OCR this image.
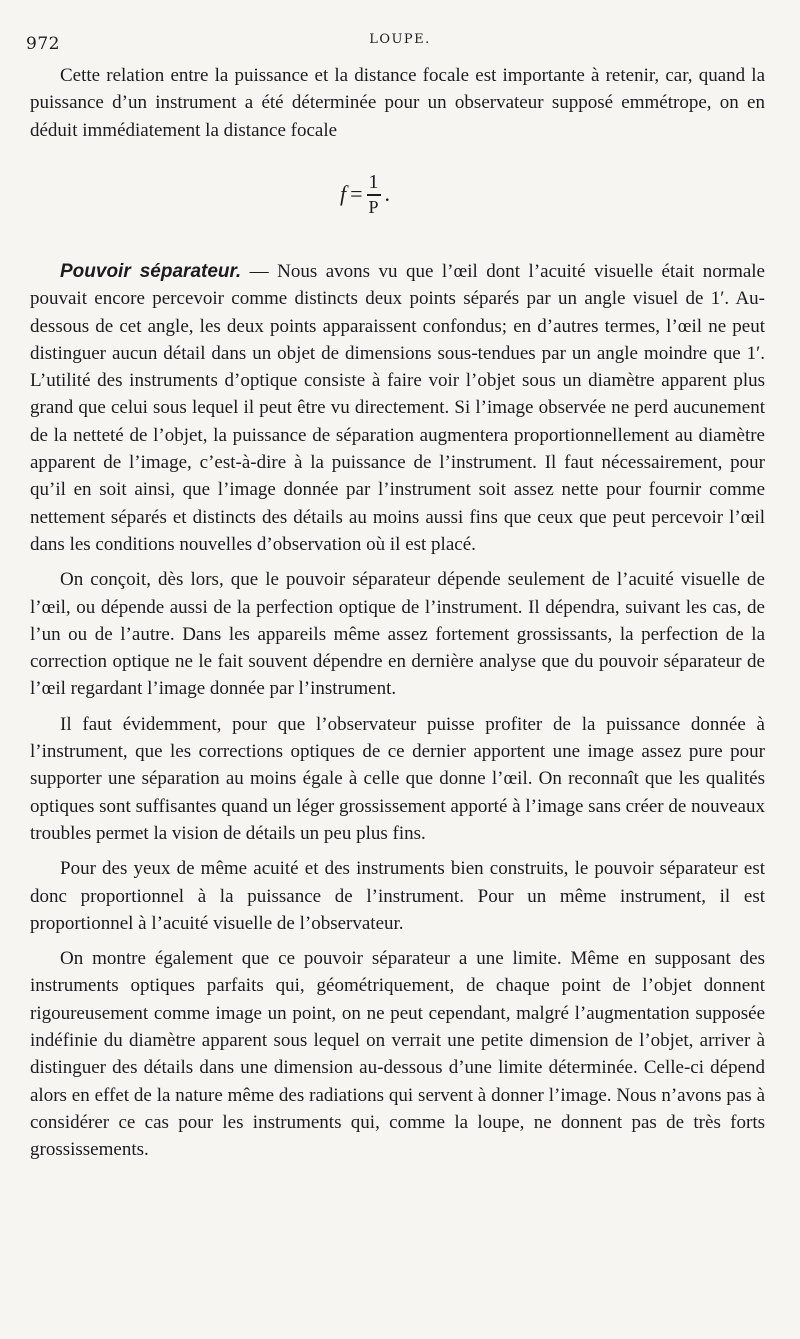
972	LOUPE.

Cette relation entre la puissance et la distance focale est importante à retenir, car, quand la puissance d’un instrument a été déterminée pour un observateur supposé emmétrope, on en déduit immédiatement la distance focale

$f = \frac{1}{P}$ .

Pouvoir séparateur. — Nous avons vu que l’œil dont l’acuité visuelle était normale pouvait encore percevoir comme distincts deux points séparés par un angle visuel de 1′. Au-dessous de cet angle, les deux points apparaissent confondus; en d’autres termes, l’œil ne peut distinguer aucun détail dans un objet de dimensions sous-tendues par un angle moindre que 1′. L’utilité des instruments d’optique consiste à faire voir l’objet sous un diamètre apparent plus grand que celui sous lequel il peut être vu directement. Si l’image observée ne perd aucunement de la netteté de l’objet, la puissance de séparation augmentera proportionnellement au diamètre apparent de l’image, c’est-à-dire à la puissance de l’instrument. Il faut nécessairement, pour qu’il en soit ainsi, que l’image donnée par l’instrument soit assez nette pour fournir comme nettement séparés et distincts des détails au moins aussi fins que ceux que peut percevoir l’œil dans les conditions nouvelles d’observation où il est placé.

On conçoit, dès lors, que le pouvoir séparateur dépende seulement de l’acuité visuelle de l’œil, ou dépende aussi de la perfection optique de l’instrument. Il dépendra, suivant les cas, de l’un ou de l’autre. Dans les appareils même assez fortement grossissants, la perfection de la correction optique ne le fait souvent dépendre en dernière analyse que du pouvoir séparateur de l’œil regardant l’image donnée par l’instrument.

Il faut évidemment, pour que l’observateur puisse profiter de la puissance donnée à l’instrument, que les corrections optiques de ce dernier apportent une image assez pure pour supporter une séparation au moins égale à celle que donne l’œil. On reconnaît que les qualités optiques sont suffisantes quand un léger grossissement apporté à l’image sans créer de nouveaux troubles permet la vision de détails un peu plus fins.

Pour des yeux de même acuité et des instruments bien construits, le pouvoir séparateur est donc proportionnel à la puissance de l’instrument. Pour un même instrument, il est proportionnel à l’acuité visuelle de l’observateur.

On montre également que ce pouvoir séparateur a une limite. Même en supposant des instruments optiques parfaits qui, géométriquement, de chaque point de l’objet donnent rigoureusement comme image un point, on ne peut cependant, malgré l’augmentation supposée indéfinie du diamètre apparent sous lequel on verrait une petite dimension de l’objet, arriver à distinguer des détails dans une dimension au-dessous d’une limite déterminée. Celle-ci dépend alors en effet de la nature même des radiations qui servent à donner l’image. Nous n’avons pas à considérer ce cas pour les instruments qui, comme la loupe, ne donnent pas de très forts grossissements.
